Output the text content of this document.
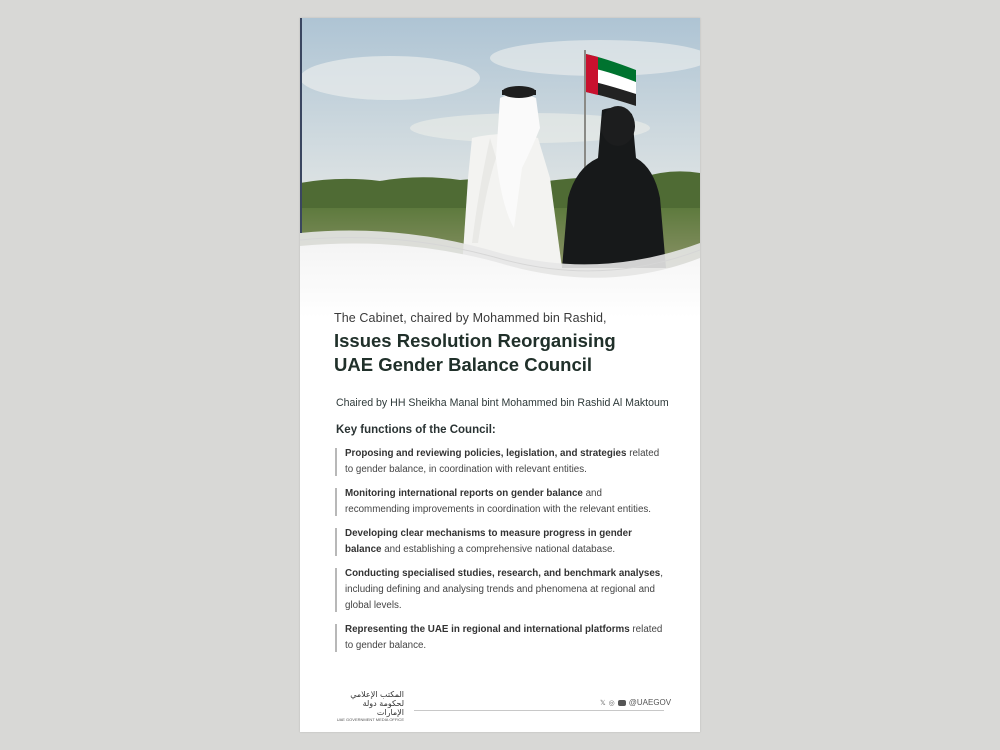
The Cabinet, chaired by Mohammed bin Rashid,
Issues Resolution Reorganising
UAE Gender Balance Council
Chaired by HH Sheikha Manal bint Mohammed bin Rashid Al Maktoum
Key functions of the Council:
Proposing and reviewing policies, legislation, and strategies related to gender balance, in coordination with relevant entities.
Monitoring international reports on gender balance and recommending improvements in coordination with the relevant entities.
Developing clear mechanisms to measure progress in gender balance and establishing a comprehensive national database.
Conducting specialised studies, research, and benchmark analyses, including defining and analysing trends and phenomena at regional and global levels.
Representing the UAE in regional and international platforms related to gender balance.
المكتب الإعلامي
لحكومة دولة الإمارات
UAE GOVERNMENT MEDIA OFFICE
𝕏 ◎ @UAEGOV
